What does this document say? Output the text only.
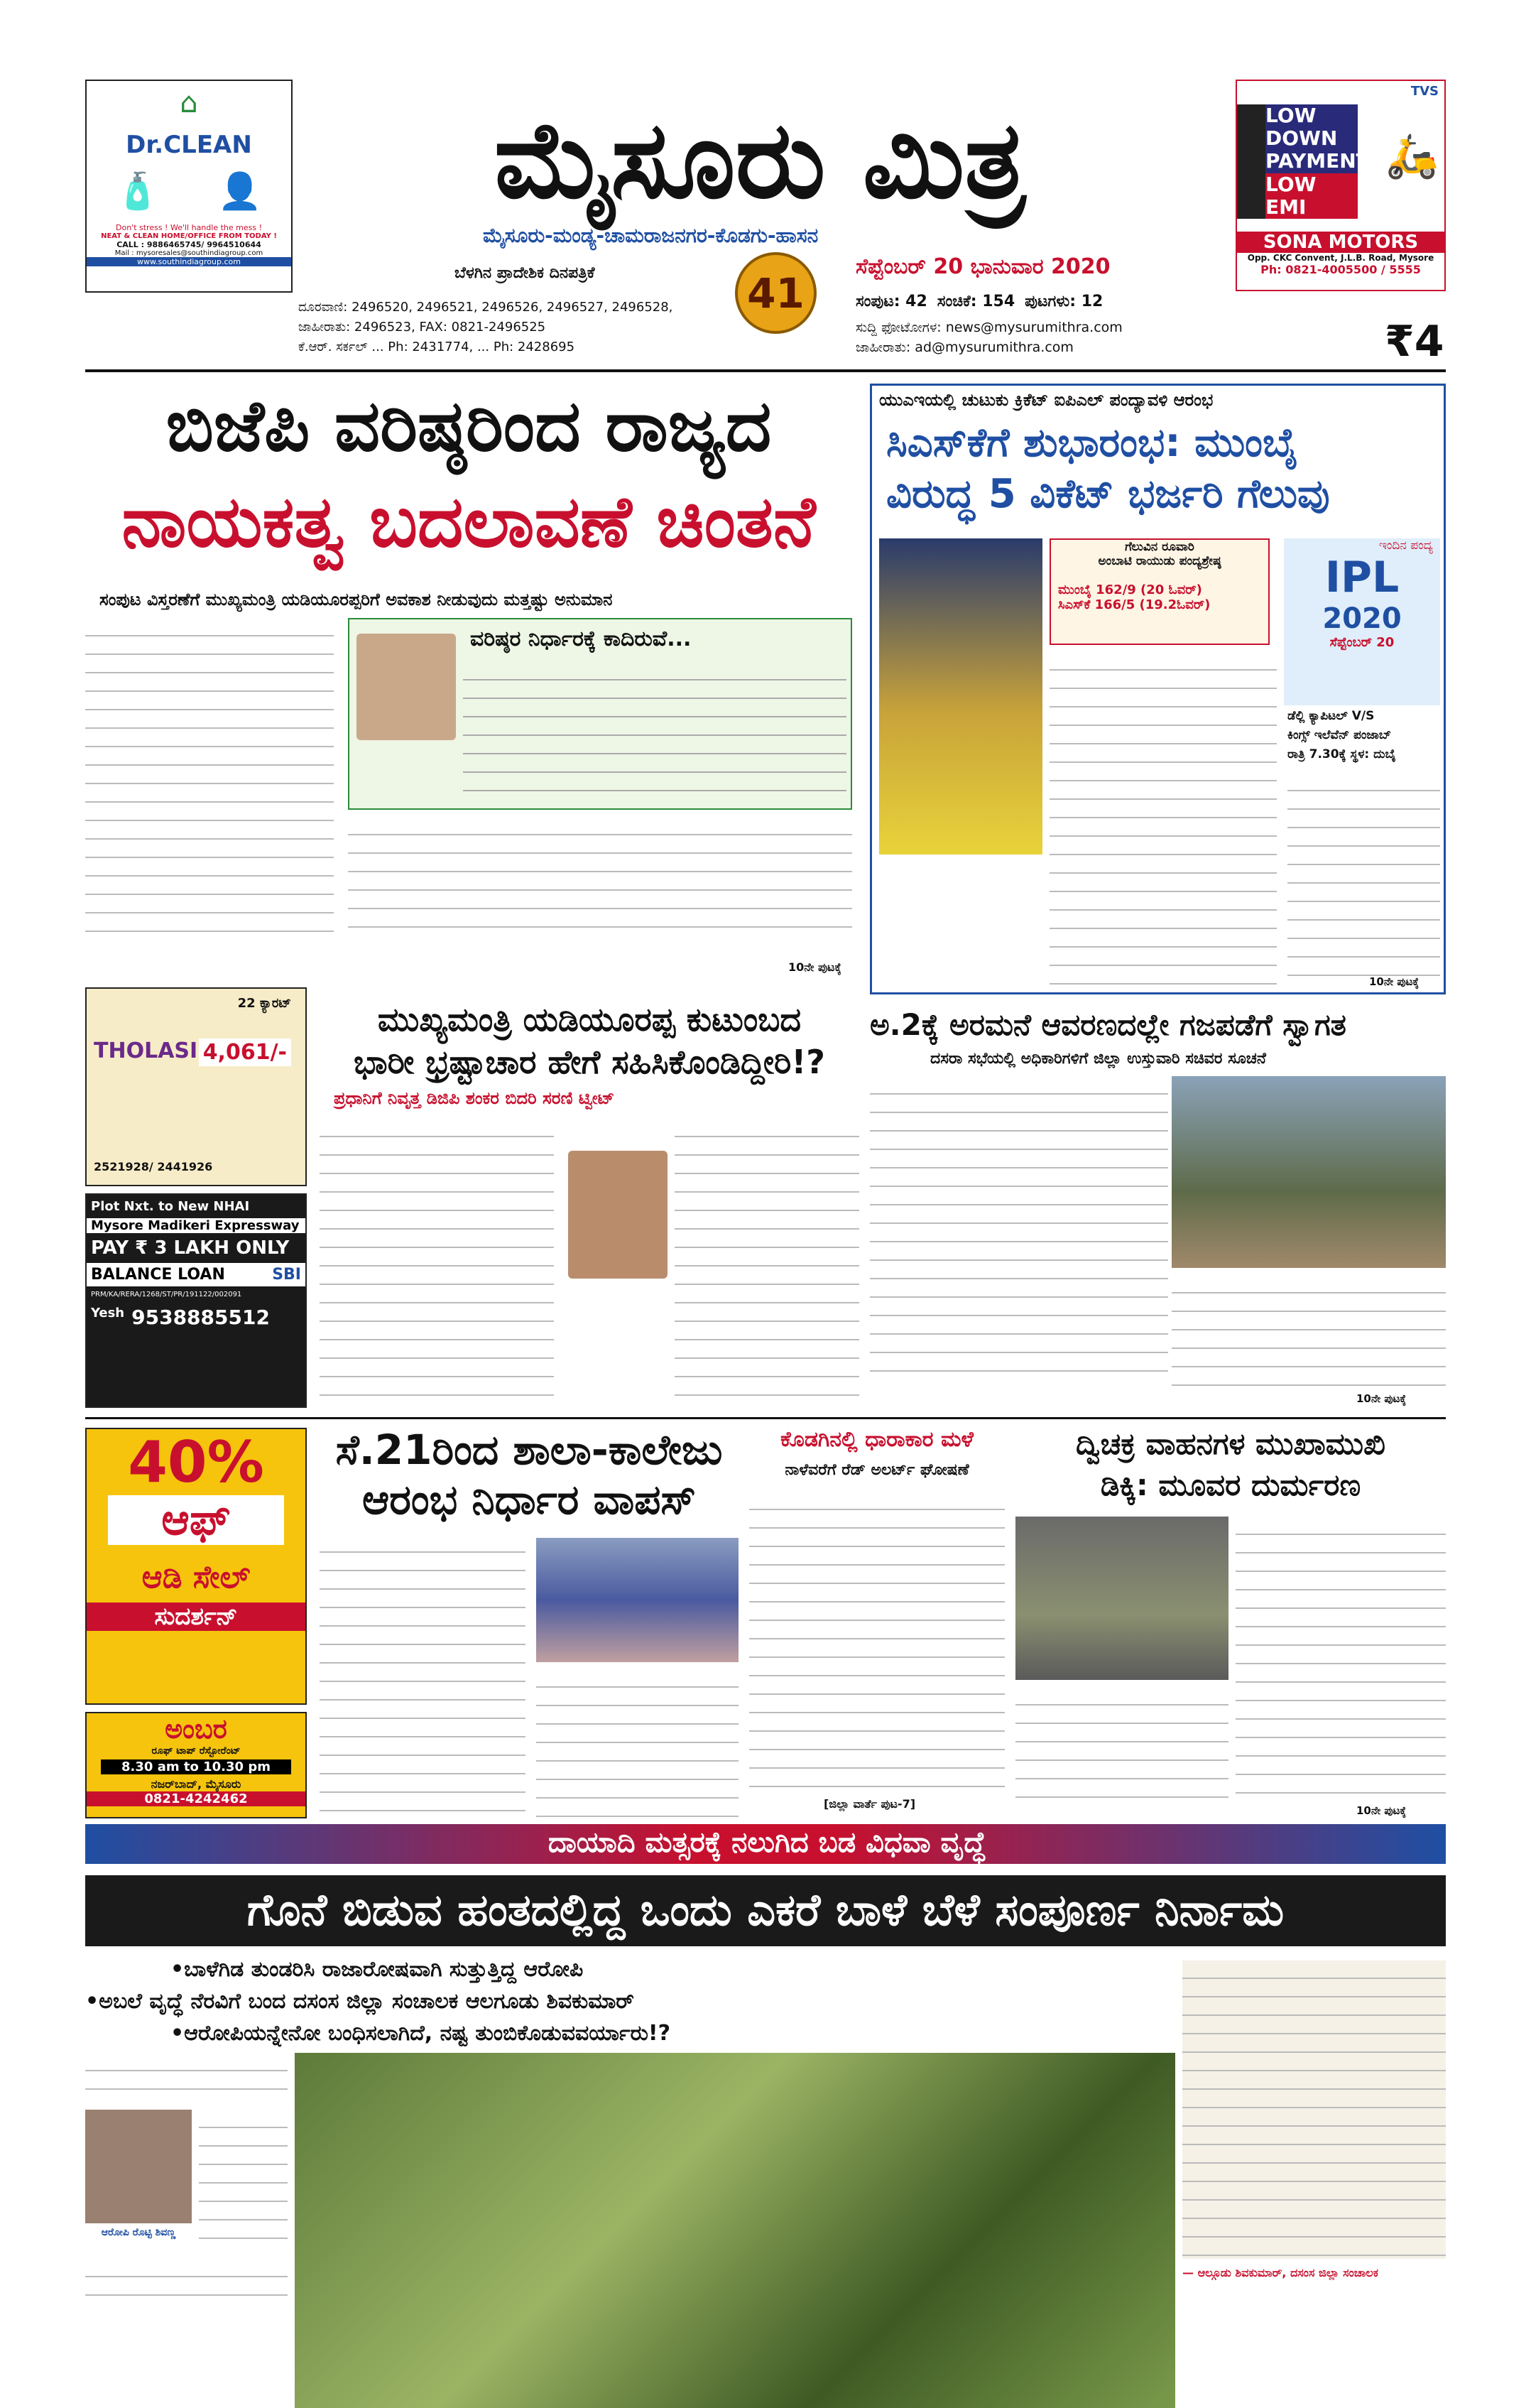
⌂
Dr.CLEAN
🧴 👤
Don't stress ! We'll handle the mess !
NEAT & CLEAN HOME/OFFICE FROM TODAY !
CALL : 9886465745/ 9964510644
Mail : mysoresales@southindiagroup.com
www.southindiagroup.com
ಮೈಸೂರು ಮಿತ್ರ
ಮೈಸೂರು-ಮಂಡ್ಯ-ಚಾಮರಾಜನಗರ-ಕೊಡಗು-ಹಾಸನ
ಬೆಳಗಿನ ಪ್ರಾದೇಶಿಕ ದಿನಪತ್ರಿಕೆ	41
ಸೆಪ್ಟೆಂಬರ್ 20 ಭಾನುವಾರ 2020
ಸಂಪುಟ: 42 ಸಂಚಿಕೆ: 154 ಪುಟಗಳು: 12
ಸುದ್ದಿ ಫೋಟೋಗಳ: news@mysurumithra.com
ಜಾಹೀರಾತು: ad@mysurumithra.com	₹4
ದೂರವಾಣಿ: 2496520, 2496521, 2496526, 2496527, 2496528,
ಜಾಹೀರಾತು: 2496523, FAX: 0821-2496525
ಕೆ.ಆರ್. ಸರ್ಕಲ್ ... Ph: 2431774, ... Ph: 2428695
TVS
LOW
DOWN
PAYMENT
LOW EMI
🛵
SONA MOTORS
Opp. CKC Convent, J.L.B. Road, Mysore
Ph: 0821-4005500 / 5555
ಬಿಜೆಪಿ ವರಿಷ್ಠರಿಂದ ರಾಜ್ಯದ
ನಾಯಕತ್ವ ಬದಲಾವಣೆ ಚಿಂತನೆ
ಸಂಪುಟ ವಿಸ್ತರಣೆಗೆ ಮುಖ್ಯಮಂತ್ರಿ ಯಡಿಯೂರಪ್ಪರಿಗೆ ಅವಕಾಶ ನೀಡುವುದು ಮತ್ತಷ್ಟು ಅನುಮಾನ
ವರಿಷ್ಠರ ನಿರ್ಧಾರಕ್ಕೆ ಕಾದಿರುವೆ...
10ನೇ ಪುಟಕ್ಕೆ
ಯುಎಇಯಲ್ಲಿ ಚುಟುಕು ಕ್ರಿಕೆಟ್ ಐಪಿಎಲ್ ಪಂದ್ಯಾವಳಿ ಆರಂಭ
ಸಿಎಸ್‌ಕೆಗೆ ಶುಭಾರಂಭ: ಮುಂಬೈ
ವಿರುದ್ಧ 5 ವಿಕೆಟ್ ಭರ್ಜರಿ ಗೆಲುವು
ಗೆಲುವಿನ ರೂವಾರಿ
ಅಂಬಾಟಿ ರಾಯುಡು ಪಂದ್ಯಶ್ರೇಷ್ಠ
ಮುಂಬೈ 162/9 (20 ಓವರ್)
ಸಿಎಸ್‌ಕೆ 166/5 (19.2ಓವರ್)
ಇಂದಿನ ಪಂದ್ಯ
IPL
2020
ಸೆಪ್ಟೆಂಬರ್ 20
ಡೆಲ್ಲಿ ಕ್ಯಾಪಿಟಲ್ V/S
ಕಿಂಗ್ಸ್ ಇಲೆವೆನ್ ಪಂಜಾಬ್
ರಾತ್ರಿ 7.30ಕ್ಕೆ ಸ್ಥಳ: ದುಬೈ
10ನೇ ಪುಟಕ್ಕೆ
THOLASI
22 ಕ್ಯಾರಟ್
4,061/-
2521928/ 2441926
Plot Nxt. to New NHAI
Mysore Madikeri Expressway
PAY ₹ 3 LAKH ONLY
BALANCE LOAN	SBI
PRM/KA/RERA/1268/ST/PR/191122/002091
Yesh 9538885512
ಮುಖ್ಯಮಂತ್ರಿ ಯಡಿಯೂರಪ್ಪ ಕುಟುಂಬದ
ಭಾರೀ ಭ್ರಷ್ಟಾಚಾರ ಹೇಗೆ ಸಹಿಸಿಕೊಂಡಿದ್ದೀರಿ!?
ಪ್ರಧಾನಿಗೆ ನಿವೃತ್ತ ಡಿಜಿಪಿ ಶಂಕರ ಬಿದರಿ ಸರಣಿ ಟ್ವೀಟ್
ಅ.2ಕ್ಕೆ ಅರಮನೆ ಆವರಣದಲ್ಲೇ ಗಜಪಡೆಗೆ ಸ್ವಾಗತ
ದಸರಾ ಸಭೆಯಲ್ಲಿ ಅಧಿಕಾರಿಗಳಿಗೆ ಜಿಲ್ಲಾ ಉಸ್ತುವಾರಿ ಸಚಿವರ ಸೂಚನೆ
10ನೇ ಪುಟಕ್ಕೆ
40%
ಆಫ್
ಆಡಿ ಸೇಲ್
ಸುದರ್ಶನ್
ಅಂಬರ
ರೂಫ್ ಟಾಪ್ ರೆಸ್ಟೋರೆಂಟ್
8.30 am to 10.30 pm
ನಜರ್‌ಬಾದ್, ಮೈಸೂರು
0821-4242462
ಸೆ.21ರಿಂದ ಶಾಲಾ-ಕಾಲೇಜು
ಆರಂಭ ನಿರ್ಧಾರ ವಾಪಸ್
ಕೊಡಗಿನಲ್ಲಿ ಧಾರಾಕಾರ ಮಳೆ
ನಾಳೆವರೆಗೆ ರೆಡ್ ಅಲರ್ಟ್ ಘೋಷಣೆ
[ಜಿಲ್ಲಾ ವಾರ್ತೆ ಪುಟ-7]
ದ್ವಿಚಕ್ರ ವಾಹನಗಳ ಮುಖಾಮುಖಿ
ಡಿಕ್ಕಿ: ಮೂವರ ದುರ್ಮರಣ
10ನೇ ಪುಟಕ್ಕೆ
ದಾಯಾದಿ ಮತ್ಸರಕ್ಕೆ ನಲುಗಿದ ಬಡ ವಿಧವಾ ವೃದ್ಧೆ
ಗೊನೆ ಬಿಡುವ ಹಂತದಲ್ಲಿದ್ದ ಒಂದು ಎಕರೆ ಬಾಳೆ ಬೆಳೆ ಸಂಪೂರ್ಣ ನಿರ್ನಾಮ
•ಬಾಳೆಗಿಡ ತುಂಡರಿಸಿ ರಾಜಾರೋಷವಾಗಿ ಸುತ್ತುತ್ತಿದ್ದ ಆರೋಪಿ
•ಅಬಲೆ ವೃದ್ಧೆ ನೆರವಿಗೆ ಬಂದ ದಸಂಸ ಜಿಲ್ಲಾ ಸಂಚಾಲಕ ಆಲಗೂಡು ಶಿವಕುಮಾರ್
•ಆರೋಪಿಯನ್ನೇನೋ ಬಂಧಿಸಲಾಗಿದೆ, ನಷ್ಟ ತುಂಬಿಕೊಡುವವರ್ಯಾರು!?
ಆರೋಪಿ ರೊಟ್ಟಿ ಶಿವಣ್ಣ
— ಆಲ್ಗೂಡು ಶಿವಕುಮಾರ್, ದಸಂಸ ಜಿಲ್ಲಾ ಸಂಚಾಲಕ
